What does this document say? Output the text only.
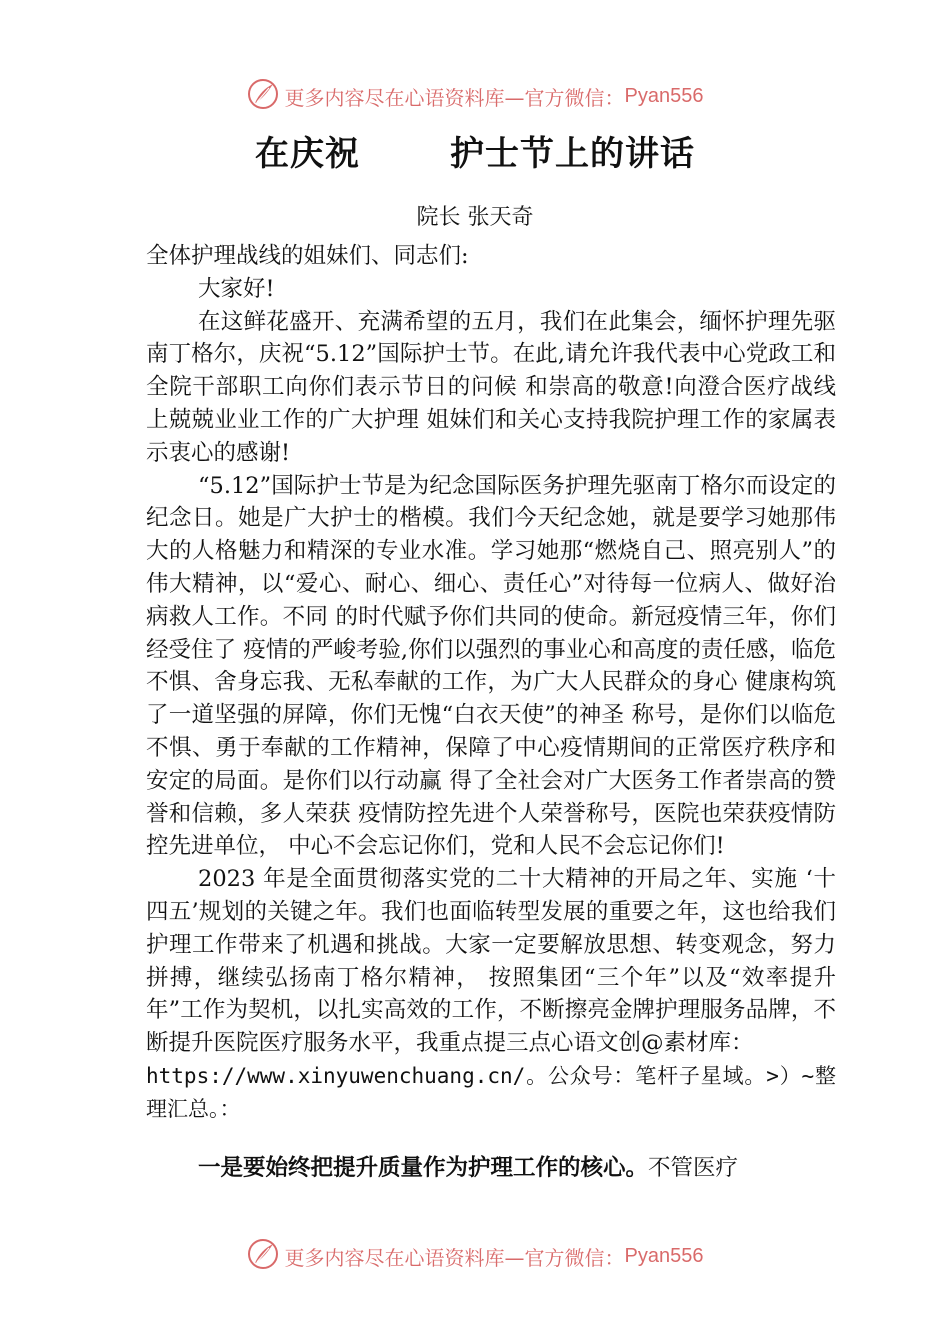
更多内容尽在心语资料库—官方微信：Pyan556
在庆祝	护士节上的讲话
院长 张天奇

全体护理战线的姐妹们、同志们:

大家好!

在这鲜花盛开、充满希望的五月，我们在此集会，缅怀护理先驱南丁格尔，庆祝“5.12”国际护士节。在此,请允许我代表中心党政工和全院干部职工向你们表示节日的问候 和崇高的敬意!向澄合医疗战线上兢兢业业工作的广大护理 姐妹们和关心支持我院护理工作的家属表示衷心的感谢!

“5.12”国际护士节是为纪念国际医务护理先驱南丁格尔而设定的纪念日。她是广大护士的楷模。我们今天纪念她，就是要学习她那伟大的人格魅力和精深的专业水准。学习她那“燃烧自己、照亮别人”的伟大精神，以“爱心、耐心、细心、责任心”对待每一位病人、做好治病救人工作。不同 的时代赋予你们共同的使命。新冠疫情三年，你们经受住了 疫情的严峻考验,你们以强烈的事业心和高度的责任感，临危 不惧、舍身忘我、无私奉献的工作，为广大人民群众的身心 健康构筑了一道坚强的屏障，你们无愧“白衣天使”的神圣 称号，是你们以临危不惧、勇于奉献的工作精神，保障了中心疫情期间的正常医疗秩序和安定的局面。是你们以行动赢 得了全社会对广大医务工作者崇高的赞誉和信赖，多人荣获 疫情防控先进个人荣誉称号，医院也荣获疫情防控先进单位， 中心不会忘记你们，党和人民不会忘记你们!

2023 年是全面贯彻落实党的二十大精神的开局之年、实施 ‘十四五’规划的关键之年。我们也面临转型发展的重要之年，这也给我们护理工作带来了机遇和挑战。大家一定要解放思想、转变观念，努力拼搏，继续弘扬南丁格尔精神， 按照集团“三个年”以及“效率提升年”工作为契机，以扎实高效的工作，不断擦亮金牌护理服务品牌，不断提升医院医疗服务水平，我重点提三点心语文创@素材库：

https://www.xinyuwenchuang.cn/。公众号：笔杆子星域。>）~整理汇总。：

一是要始终把提升质量作为护理工作的核心。不管医疗

更多内容尽在心语资料库—官方微信：Pyan556
